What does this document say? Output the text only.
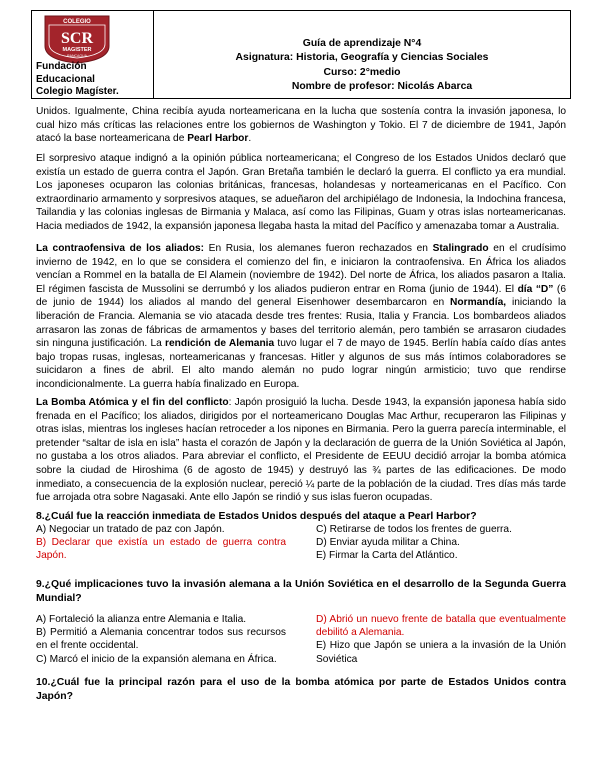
COLEGIO
SCR
MAGISTER
RANCAGUA
Fundación
Educacional
Colegio Magíster.
Guía de aprendizaje N°4
Asignatura: Historia, Geografía y Ciencias Sociales
Curso: 2°medio
Nombre de profesor: Nicolás Abarca

Unidos. Igualmente, China recibía ayuda norteamericana en la lucha que sostenía contra la invasión japonesa, lo cual hizo más críticas las relaciones entre los gobiernos de Washington y Tokio. El 7 de diciembre de 1941, Japón atacó la base norteamericana de Pearl Harbor.

El sorpresivo ataque indignó a la opinión pública norteamericana; el Congreso de los Estados Unidos declaró que existía un estado de guerra contra el Japón. Gran Bretaña también le declaró la guerra. El conflicto ya era mundial. Los japoneses ocuparon las colonias británicas, francesas, holandesas y norteamericanas en el Pacífico. Con extraordinario armamento y sorpresivos ataques, se adueñaron del archipiélago de Indonesia, la Indochina francesa, Tailandia y las colonias inglesas de Birmania y Malaca, así como las Filipinas, Guam y otras islas norteamericanas. Hacia mediados de 1942, la expansión japonesa llegaba hasta la mitad del Pacífico y amenazaba tomar a Australia.

La contraofensiva de los aliados: En Rusia, los alemanes fueron rechazados en Stalingrado en el crudísimo invierno de 1942, en lo que se considera el comienzo del fin, e iniciaron la contraofensiva. En África los aliados vencían a Rommel en la batalla de El Alamein (noviembre de 1942). Del norte de África, los aliados pasaron a Italia. El régimen fascista de Mussolini se derrumbó y los aliados pudieron entrar en Roma (junio de 1944). El día “D” (6 de junio de 1944) los aliados al mando del general Eisenhower desembarcaron en Normandía, iniciando la liberación de Francia. Alemania se vio atacada desde tres frentes: Rusia, Italia y Francia. Los bombardeos aliados arrasaron las zonas de fábricas de armamentos y bases del territorio alemán, pero también se arrasaron ciudades sin ninguna justificación. La rendición de Alemania tuvo lugar el 7 de mayo de 1945. Berlín había caído días antes bajo tropas rusas, inglesas, norteamericanas y francesas. Hitler y algunos de sus más íntimos colaboradores se suicidaron a fines de abril. El alto mando alemán no pudo lograr ningún armisticio; tuvo que rendirse incondicionalmente. La guerra había finalizado en Europa.

La Bomba Atómica y el fin del conflicto: Japón prosiguió la lucha. Desde 1943, la expansión japonesa había sido frenada en el Pacífico; los aliados, dirigidos por el norteamericano Douglas Mac Arthur, recuperaron las Filipinas y otras islas, mientras los ingleses hacían retroceder a los nipones en Birmania. Pero la guerra parecía interminable, el pretender “saltar de isla en isla” hasta el corazón de Japón y la declaración de guerra de la Unión Soviética al Japón, no gustaba a los otros aliados. Para abreviar el conflicto, el Presidente de EEUU decidió arrojar la bomba atómica sobre la ciudad de Hiroshima (6 de agosto de 1945) y destruyó las ¾ partes de las edificaciones. De modo inmediato, a consecuencia de la explosión nuclear, pereció ¼ parte de la población de la ciudad. Tres días más tarde fue arrojada otra sobre Nagasaki. Ante ello Japón se rindió y sus islas fueron ocupadas.

8.¿Cuál fue la reacción inmediata de Estados Unidos después del ataque a Pearl Harbor?
A) Negociar un tratado de paz con Japón.
B) Declarar que existía un estado de guerra contra Japón.
C) Retirarse de todos los frentes de guerra.
D) Enviar ayuda militar a China.
E) Firmar la Carta del Atlántico.
9.¿Qué implicaciones tuvo la invasión alemana a la Unión Soviética en el desarrollo de la Segunda Guerra Mundial?
A) Fortaleció la alianza entre Alemania e Italia.
B) Permitió a Alemania concentrar todos sus recursos en el frente occidental.
C) Marcó el inicio de la expansión alemana en África.
D) Abrió un nuevo frente de batalla que eventualmente debilitó a Alemania.
E) Hizo que Japón se uniera a la invasión de la Unión Soviética
10.¿Cuál fue la principal razón para el uso de la bomba atómica por parte de Estados Unidos contra Japón?
